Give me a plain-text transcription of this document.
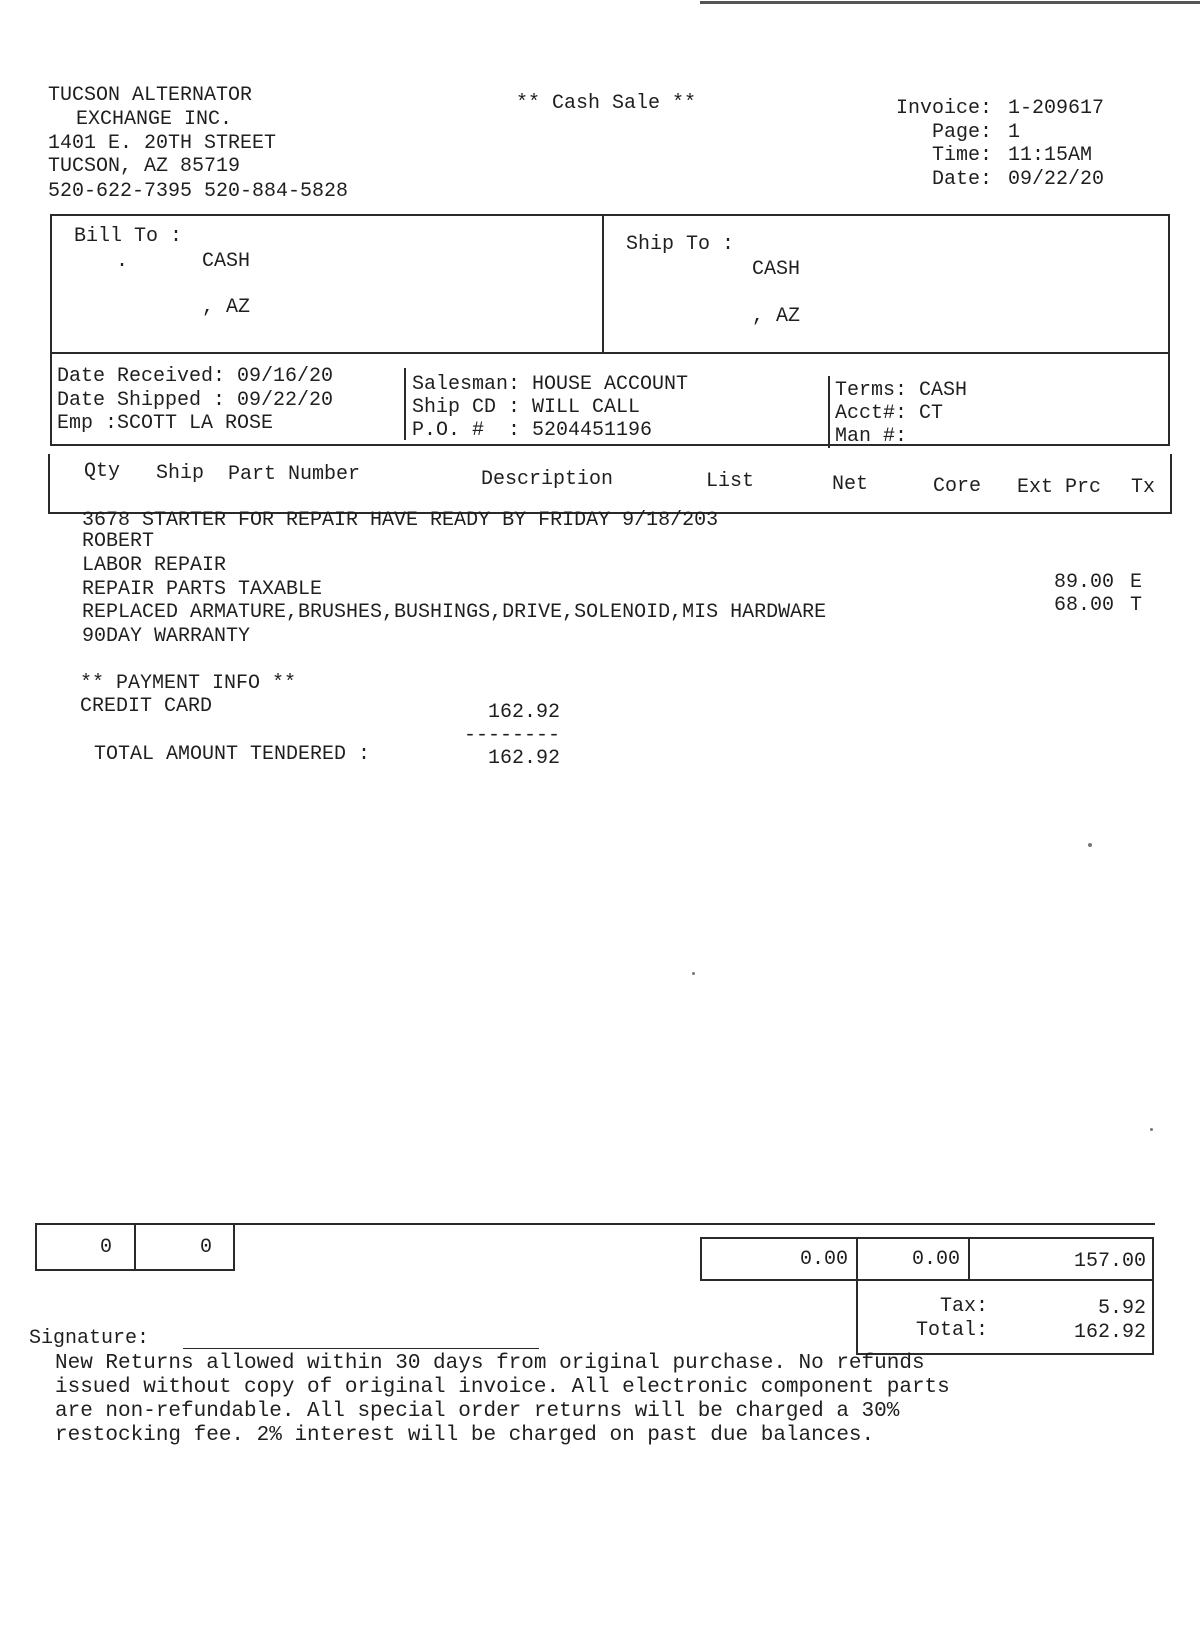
TUCSON ALTERNATOR
EXCHANGE INC.
1401 E. 20TH STREET
TUCSON, AZ 85719
520-622-7395 520-884-5828
** Cash Sale **	Invoice: 1-209617
Page: 1
Time: 11:15AM
Date: 09/22/20
Bill To :
.	CASH
, AZ
Ship To :
CASH
, AZ
Date Received: 09/16/20
Date Shipped : 09/22/20
Emp :SCOTT LA ROSE
Salesman: HOUSE ACCOUNT
Ship CD : WILL CALL
P.O. #  : 5204451196
Terms: CASH
Acct#: CT
Man #:
Qty Ship Part Number	Description	List	Net	Core Ext Prc Tx
3678 STARTER FOR REPAIR HAVE READY BY FRIDAY 9/18/203
ROBERT
LABOR REPAIR
REPAIR PARTS TAXABLE
REPLACED ARMATURE,BRUSHES,BUSHINGS,DRIVE,SOLENOID,MIS HARDWARE
90DAY WARRANTY
89.00 E
68.00 T
** PAYMENT INFO **
CREDIT CARD	162.92
--------
TOTAL AMOUNT TENDERED :	162.92
0	0
0.00	0.00	157.00
Tax:	5.92
Total:	162.92
Signature:
New Returns allowed within 30 days from original purchase. No refunds
issued without copy of original invoice. All electronic component parts
are non-refundable. All special order returns will be charged a 30%
restocking fee. 2% interest will be charged on past due balances.
